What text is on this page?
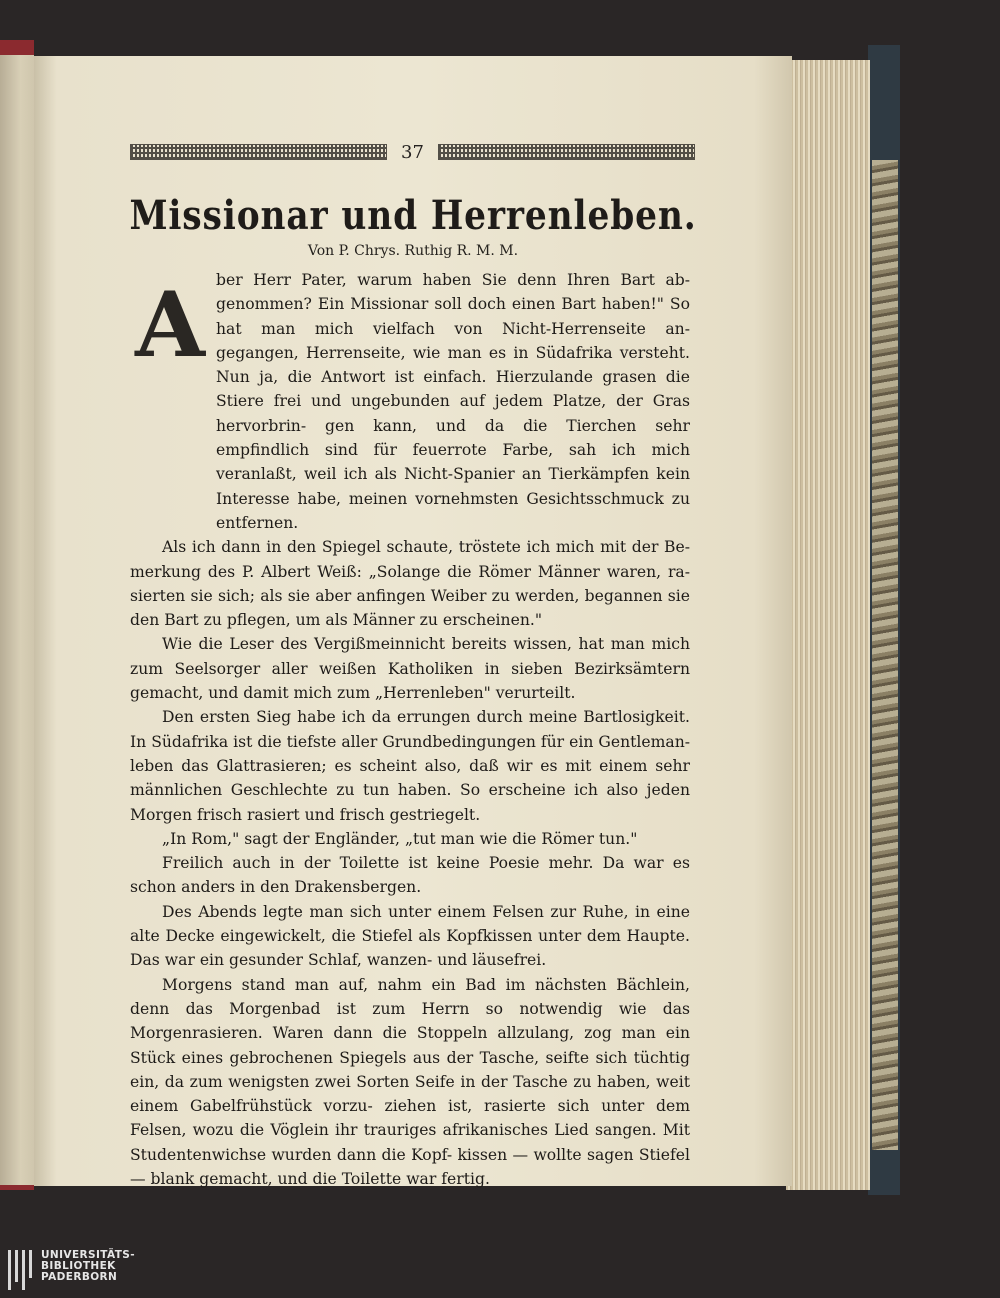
37
Missionar und Herrenleben.
Von P. Chrys. Ruthig R. M. M.
A ber Herr Pater, warum haben Sie denn Ihren Bart ab- genommen? Ein Missionar soll doch einen Bart haben!" So hat man mich vielfach von Nicht-Herrenseite an- gegangen, Herrenseite, wie man es in Südafrika versteht. Nun ja, die Antwort ist einfach. Hierzulande grasen die Stiere frei und ungebunden auf jedem Platze, der Gras hervorbrin- gen kann, und da die Tierchen sehr empfindlich sind für feuerrote Farbe, sah ich mich veranlaßt, weil ich als Nicht-Spanier an Tierkämpfen kein Interesse habe, meinen vornehmsten Gesichtsschmuck zu entfernen.

Als ich dann in den Spiegel schaute, tröstete ich mich mit der Be- merkung des P. Albert Weiß: „Solange die Römer Männer waren, ra- sierten sie sich; als sie aber anfingen Weiber zu werden, begannen sie den Bart zu pflegen, um als Männer zu erscheinen."

Wie die Leser des Vergißmeinnicht bereits wissen, hat man mich zum Seelsorger aller weißen Katholiken in sieben Bezirksämtern gemacht, und damit mich zum „Herrenleben" verurteilt.

Den ersten Sieg habe ich da errungen durch meine Bartlosigkeit. In Südafrika ist die tiefste aller Grundbedingungen für ein Gentleman- leben das Glattrasieren; es scheint also, daß wir es mit einem sehr männlichen Geschlechte zu tun haben. So erscheine ich also jeden Morgen frisch rasiert und frisch gestriegelt.

„In Rom," sagt der Engländer, „tut man wie die Römer tun."

Freilich auch in der Toilette ist keine Poesie mehr. Da war es schon anders in den Drakensbergen.

Des Abends legte man sich unter einem Felsen zur Ruhe, in eine alte Decke eingewickelt, die Stiefel als Kopfkissen unter dem Haupte. Das war ein gesunder Schlaf, wanzen- und läusefrei.

Morgens stand man auf, nahm ein Bad im nächsten Bächlein, denn das Morgenbad ist zum Herrn so notwendig wie das Morgenrasieren. Waren dann die Stoppeln allzulang, zog man ein Stück eines gebrochenen Spiegels aus der Tasche, seifte sich tüchtig ein, da zum wenigsten zwei Sorten Seife in der Tasche zu haben, weit einem Gabelfrühstück vorzu- ziehen ist, rasierte sich unter dem Felsen, wozu die Vöglein ihr trauriges afrikanisches Lied sangen. Mit Studentenwichse wurden dann die Kopf- kissen — wollte sagen Stiefel — blank gemacht, und die Toilette war fertig.

UNIVERSITÄTS-
BIBLIOTHEK
PADERBORN
